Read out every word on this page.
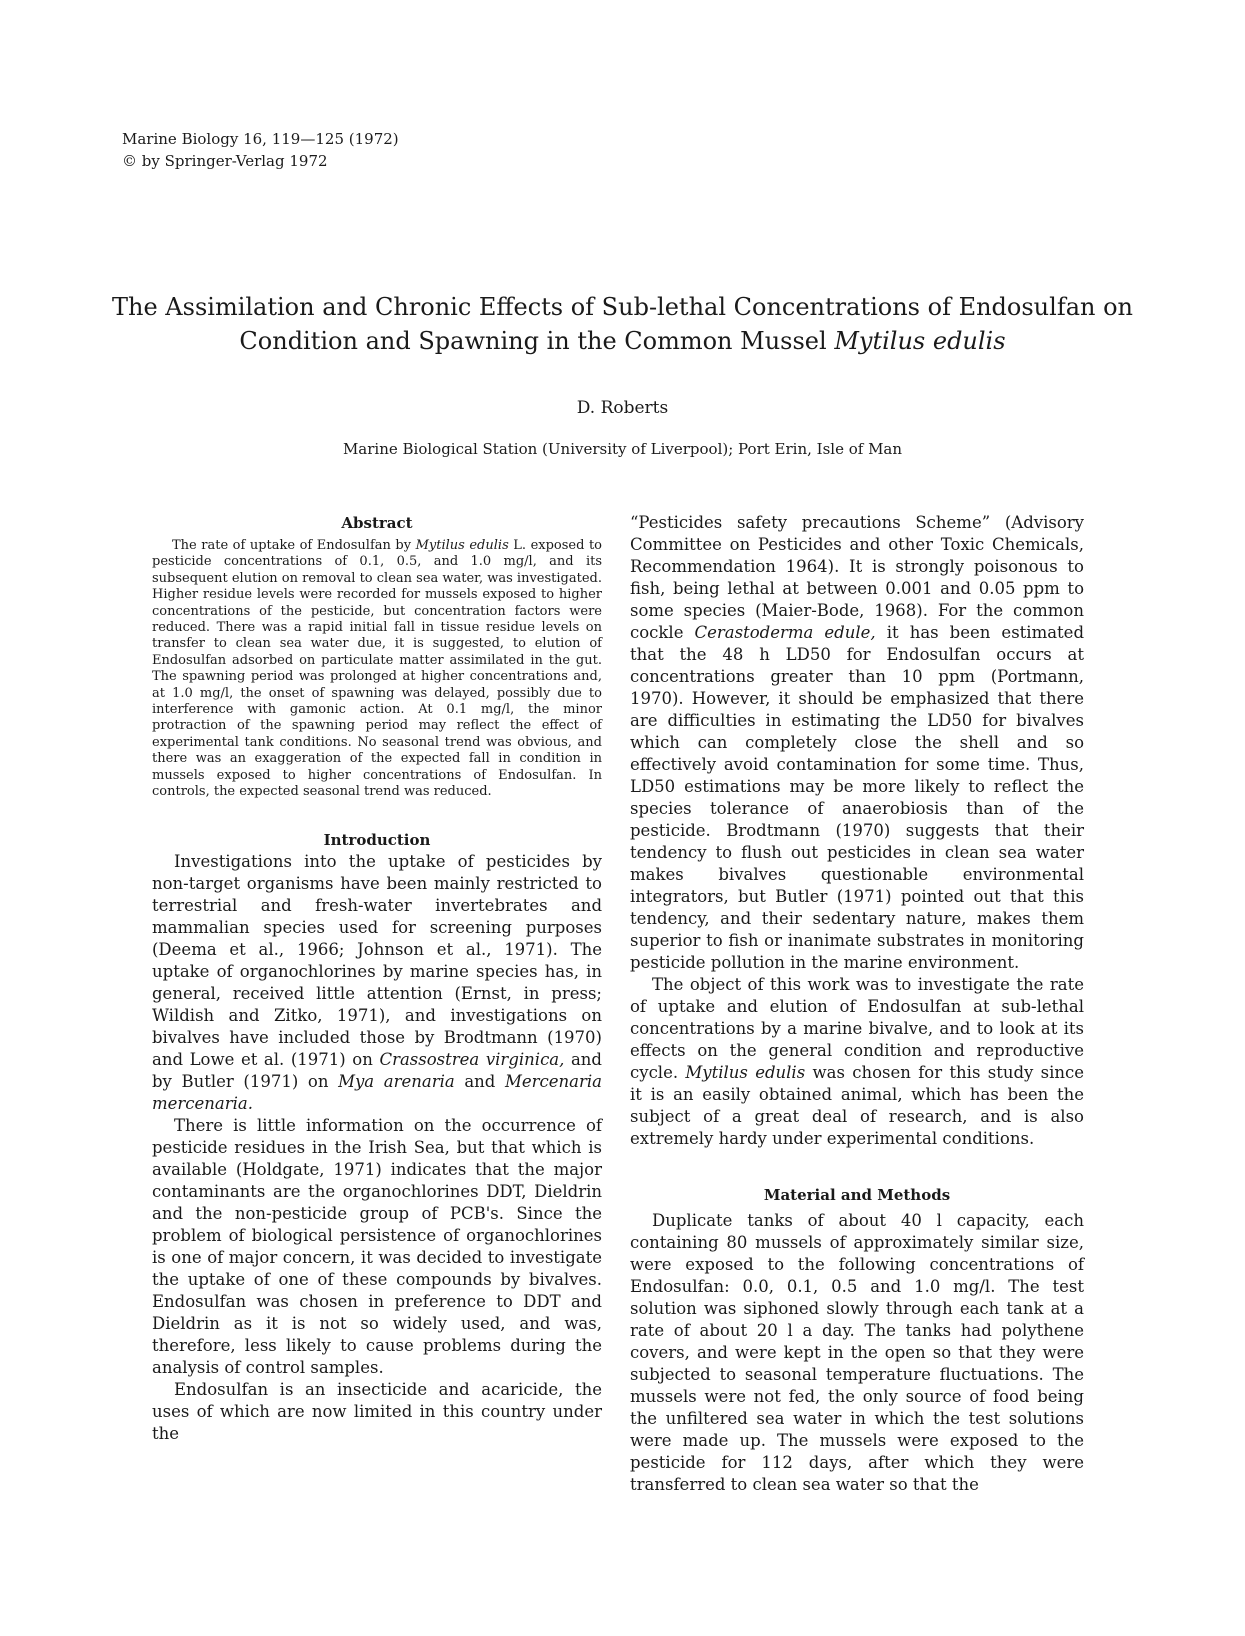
Marine Biology 16, 119—125 (1972)
© by Springer-Verlag 1972
The Assimilation and Chronic Effects of Sub-lethal Concentrations of Endosulfan on Condition and Spawning in the Common Mussel Mytilus edulis
D. Roberts
Marine Biological Station (University of Liverpool); Port Erin, Isle of Man
Abstract

The rate of uptake of Endosulfan by Mytilus edulis L. exposed to pesticide concentrations of 0.1, 0.5, and 1.0 mg/l, and its subsequent elution on removal to clean sea water, was investigated. Higher residue levels were recorded for mussels exposed to higher concentrations of the pesticide, but concentration factors were reduced. There was a rapid initial fall in tissue residue levels on transfer to clean sea water due, it is suggested, to elution of Endosulfan adsorbed on particulate matter assimilated in the gut. The spawning period was prolonged at higher concentrations and, at 1.0 mg/l, the onset of spawning was delayed, possibly due to interference with gamonic action. At 0.1 mg/l, the minor protraction of the spawning period may reflect the effect of experimental tank conditions. No seasonal trend was obvious, and there was an exaggeration of the expected fall in condition in mussels exposed to higher concentrations of Endosulfan. In controls, the expected seasonal trend was reduced.

Introduction

Investigations into the uptake of pesticides by non-target organisms have been mainly restricted to terrestrial and fresh-water invertebrates and mammalian species used for screening purposes (Deema et al., 1966; Johnson et al., 1971). The uptake of organochlorines by marine species has, in general, received little attention (Ernst, in press; Wildish and Zitko, 1971), and investigations on bivalves have included those by Brodtmann (1970) and Lowe et al. (1971) on Crassostrea virginica, and by Butler (1971) on Mya arenaria and Mercenaria mercenaria.

There is little information on the occurrence of pesticide residues in the Irish Sea, but that which is available (Holdgate, 1971) indicates that the major contaminants are the organochlorines DDT, Dieldrin and the non-pesticide group of PCB's. Since the problem of biological persistence of organochlorines is one of major concern, it was decided to investigate the uptake of one of these compounds by bivalves. Endosulfan was chosen in preference to DDT and Dieldrin as it is not so widely used, and was, therefore, less likely to cause problems during the analysis of control samples.

Endosulfan is an insecticide and acaricide, the uses of which are now limited in this country under the

“Pesticides safety precautions Scheme” (Advisory Committee on Pesticides and other Toxic Chemicals, Recommendation 1964). It is strongly poisonous to fish, being lethal at between 0.001 and 0.05 ppm to some species (Maier-Bode, 1968). For the common cockle Cerastoderma edule, it has been estimated that the 48 h LD50 for Endosulfan occurs at concentrations greater than 10 ppm (Portmann, 1970). However, it should be emphasized that there are difficulties in estimating the LD50 for bivalves which can completely close the shell and so effectively avoid contamination for some time. Thus, LD50 estimations may be more likely to reflect the species tolerance of anaerobiosis than of the pesticide. Brodtmann (1970) suggests that their tendency to flush out pesticides in clean sea water makes bivalves questionable environmental integrators, but Butler (1971) pointed out that this tendency, and their sedentary nature, makes them superior to fish or inanimate substrates in monitoring pesticide pollution in the marine environment.

The object of this work was to investigate the rate of uptake and elution of Endosulfan at sub-lethal concentrations by a marine bivalve, and to look at its effects on the general condition and reproductive cycle. Mytilus edulis was chosen for this study since it is an easily obtained animal, which has been the subject of a great deal of research, and is also extremely hardy under experimental conditions.

Material and Methods

Duplicate tanks of about 40 l capacity, each containing 80 mussels of approximately similar size, were exposed to the following concentrations of Endosulfan: 0.0, 0.1, 0.5 and 1.0 mg/l. The test solution was siphoned slowly through each tank at a rate of about 20 l a day. The tanks had polythene covers, and were kept in the open so that they were subjected to seasonal temperature fluctuations. The mussels were not fed, the only source of food being the unfiltered sea water in which the test solutions were made up. The mussels were exposed to the pesticide for 112 days, after which they were transferred to clean sea water so that the
